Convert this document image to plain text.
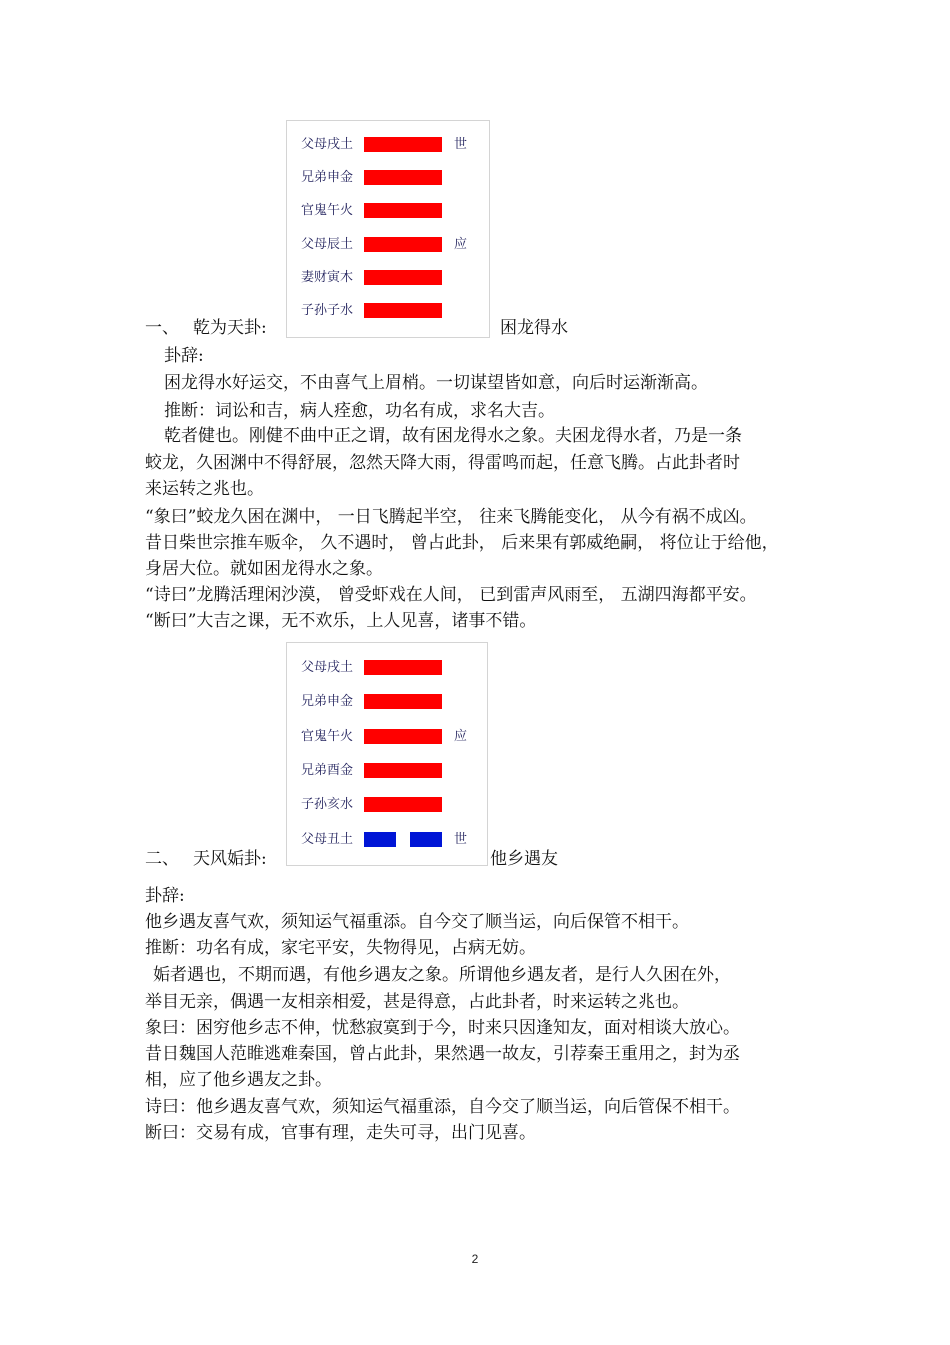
父母戌土	世
兄弟申金
官鬼午火
父母辰土	应
妻财寅木
子孙子水
一、 乾为天卦:	困龙得水
卦辞:
困龙得水好运交，不由喜气上眉梢。一切谋望皆如意，向后时运渐渐高。
推断：词讼和吉，病人痊愈，功名有成，求名大吉。
乾者健也。刚健不曲中正之谓，故有困龙得水之象。夫困龙得水者，乃是一条
蛟龙，久困渊中不得舒展，忽然天降大雨，得雷鸣而起，任意飞腾。占此卦者时
来运转之兆也。
“象曰”蛟龙久困在渊中， 一日飞腾起半空， 往来飞腾能变化， 从今有祸不成凶。
昔日柴世宗推车贩伞， 久不遇时， 曾占此卦， 后来果有郭威绝嗣， 将位让于给他，
身居大位。就如困龙得水之象。
“诗曰”龙腾活理闲沙漠， 曾受虾戏在人间， 已到雷声风雨至， 五湖四海都平安。
“断曰”大吉之课，无不欢乐，上人见喜，诸事不错。
父母戌土
兄弟申金
官鬼午火	应
兄弟酉金
子孙亥水
父母丑土	世
二、 天风姤卦:	他乡遇友
卦辞:
他乡遇友喜气欢，须知运气福重添。自今交了顺当运，向后保管不相干。
推断：功名有成，家宅平安，失物得见，占病无妨。
姤者遇也，不期而遇，有他乡遇友之象。所谓他乡遇友者，是行人久困在外，
举目无亲，偶遇一友相亲相爱，甚是得意，占此卦者，时来运转之兆也。
象曰：困穷他乡志不伸，忧愁寂寞到于今，时来只因逢知友，面对相谈大放心。
昔日魏国人范睢逃难秦国，曾占此卦，果然遇一故友，引荐秦王重用之，封为丞
相，应了他乡遇友之卦。
诗曰：他乡遇友喜气欢，须知运气福重添，自今交了顺当运，向后管保不相干。
断曰：交易有成，官事有理，走失可寻，出门见喜。
2
